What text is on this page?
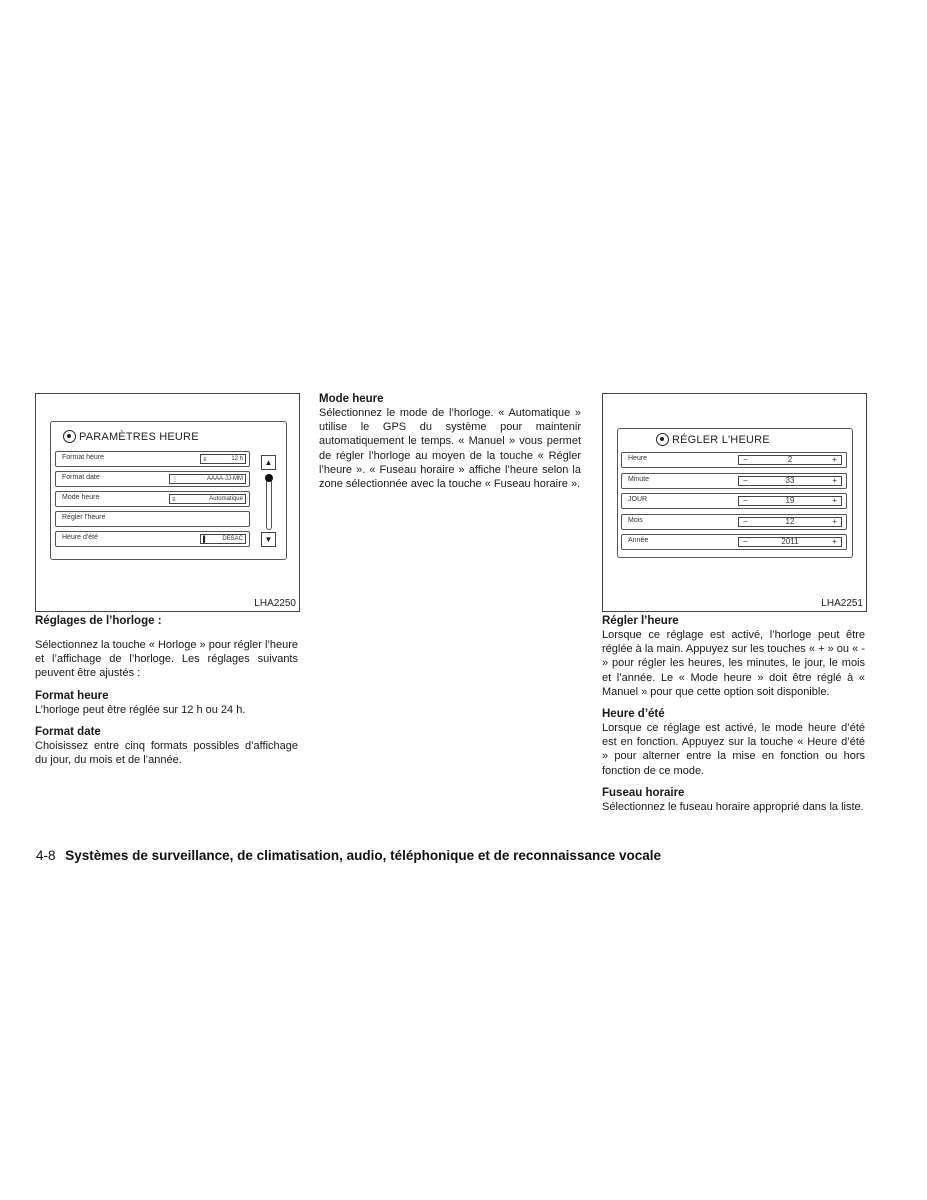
PARAMÈTRES HEURE
Format heure	≡	12 h
Format date	⋮	AAAA-JJ-MM
Mode heure	≡	Automatique
Régler l'heure
Heure d'été	▌	DESAC
▲
▼
LHA2250

Réglages de l’horloge :

Sélectionnez la touche « Horloge » pour régler l’heure et l’affichage de l’horloge. Les réglages suivants peuvent être ajustés :

Format heure

L’horloge peut être réglée sur 12 h ou 24 h.

Format date

Choisissez entre cinq formats possibles d’affichage du jour, du mois et de l’année.

Mode heure

Sélectionnez le mode de l’horloge. « Automatique » utilise le GPS du système pour maintenir automatiquement le temps. « Manuel » vous permet de régler l’horloge au moyen de la touche « Régler l’heure ». « Fuseau horaire » affiche l’heure selon la zone sélectionnée avec la touche « Fuseau horaire ».

RÉGLER L'HEURE
Heure	−	2	+
Minute	−	33	+
JOUR	−	19	+
Mois	−	12	+
Année	−	2011	+
LHA2251

Régler l’heure

Lorsque ce réglage est activé, l’horloge peut être réglée à la main. Appuyez sur les touches « + » ou « - » pour régler les heures, les minutes, le jour, le mois et l’année. Le « Mode heure » doit être réglé à « Manuel » pour que cette option soit disponible.

Heure d’été

Lorsque ce réglage est activé, le mode heure d’été est en fonction. Appuyez sur la touche « Heure d’été » pour alterner entre la mise en fonction ou hors fonction de ce mode.

Fuseau horaire

Sélectionnez le fuseau horaire approprié dans la liste.

4-8 Systèmes de surveillance, de climatisation, audio, téléphonique et de reconnaissance vocale
